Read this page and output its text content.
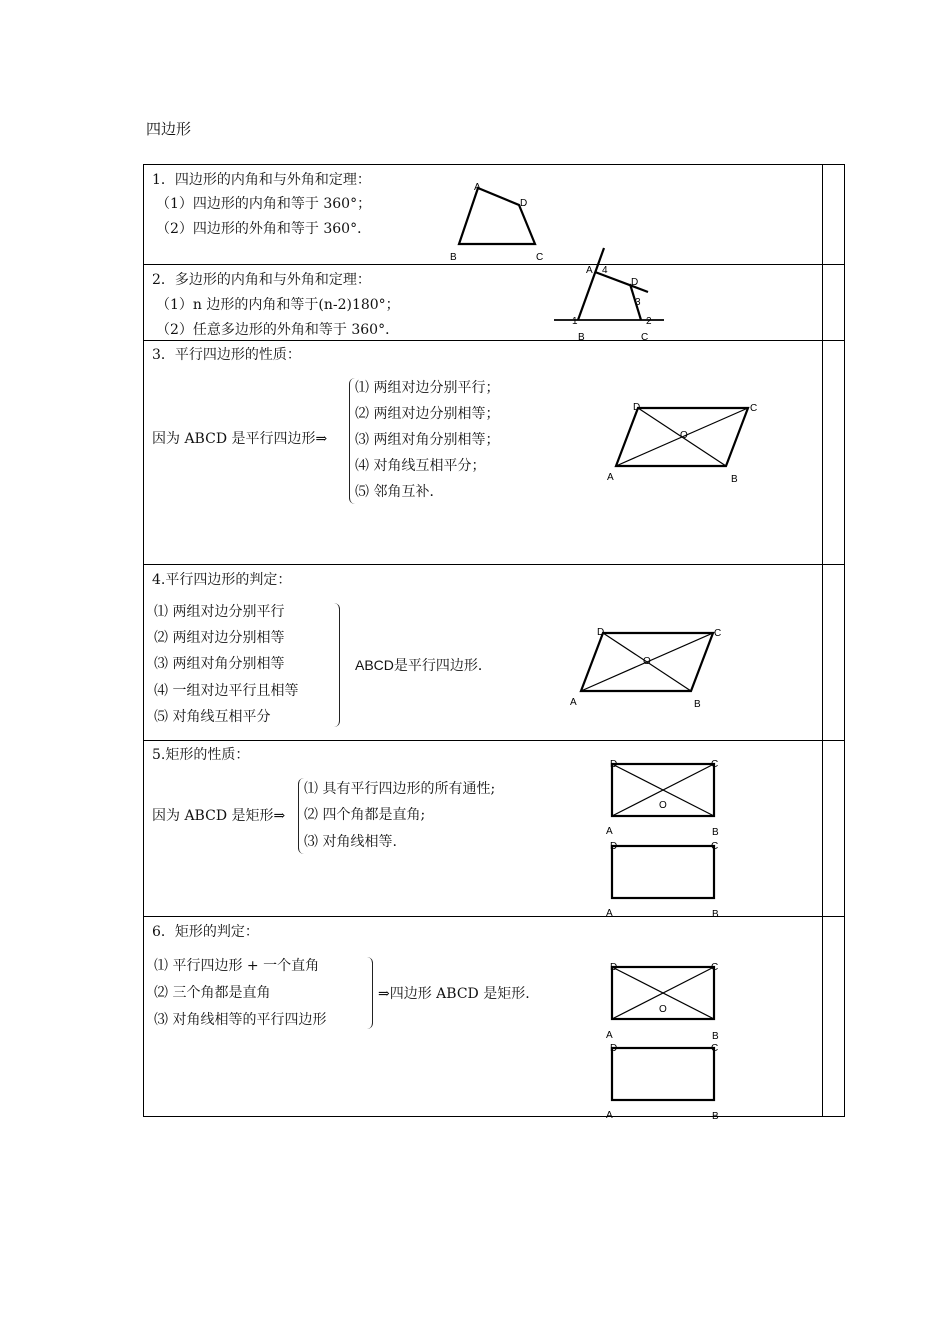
四边形
1．四边形的内角和与外角和定理：
（1）四边形的内角和等于 360°；
（2）四边形的外角和等于 360°．
A
D
B	C
2．多边形的内角和与外角和定理：
（1）n 边形的内角和等于(n-2)180°；
（2）任意多边形的外角和等于 360°．
A 4
D
3
1	2
B	C
3．平行四边形的性质：
因为 ABCD 是平行四边形⇒
⑴ 两组对边分别平行；
⑵ 两组对边分别相等；
⑶ 两组对角分别相等；
⑷ 对角线互相平分；
⑸ 邻角互补．
D	C
O
A	B
4.平行四边形的判定：
⑴ 两组对边分别平行
⑵ 两组对边分别相等
⑶ 两组对角分别相等
⑷ 一组对边平行且相等
⑸ 对角线互相平分
ABCD是平行四边形．
D	C
O
A	B
5.矩形的性质：
因为 ABCD 是矩形⇒
⑴ 具有平行四边形的所有通性;
⑵ 四个角都是直角;
⑶ 对角线相等.
D	C
O
A	B
D	C
A	B
6．矩形的判定：
⑴ 平行四边形 + 一个直角
⑵ 三个角都是直角
⑶ 对角线相等的平行四边形
⇒四边形 ABCD 是矩形.
D	C
O
A	B
D	C
A	B
